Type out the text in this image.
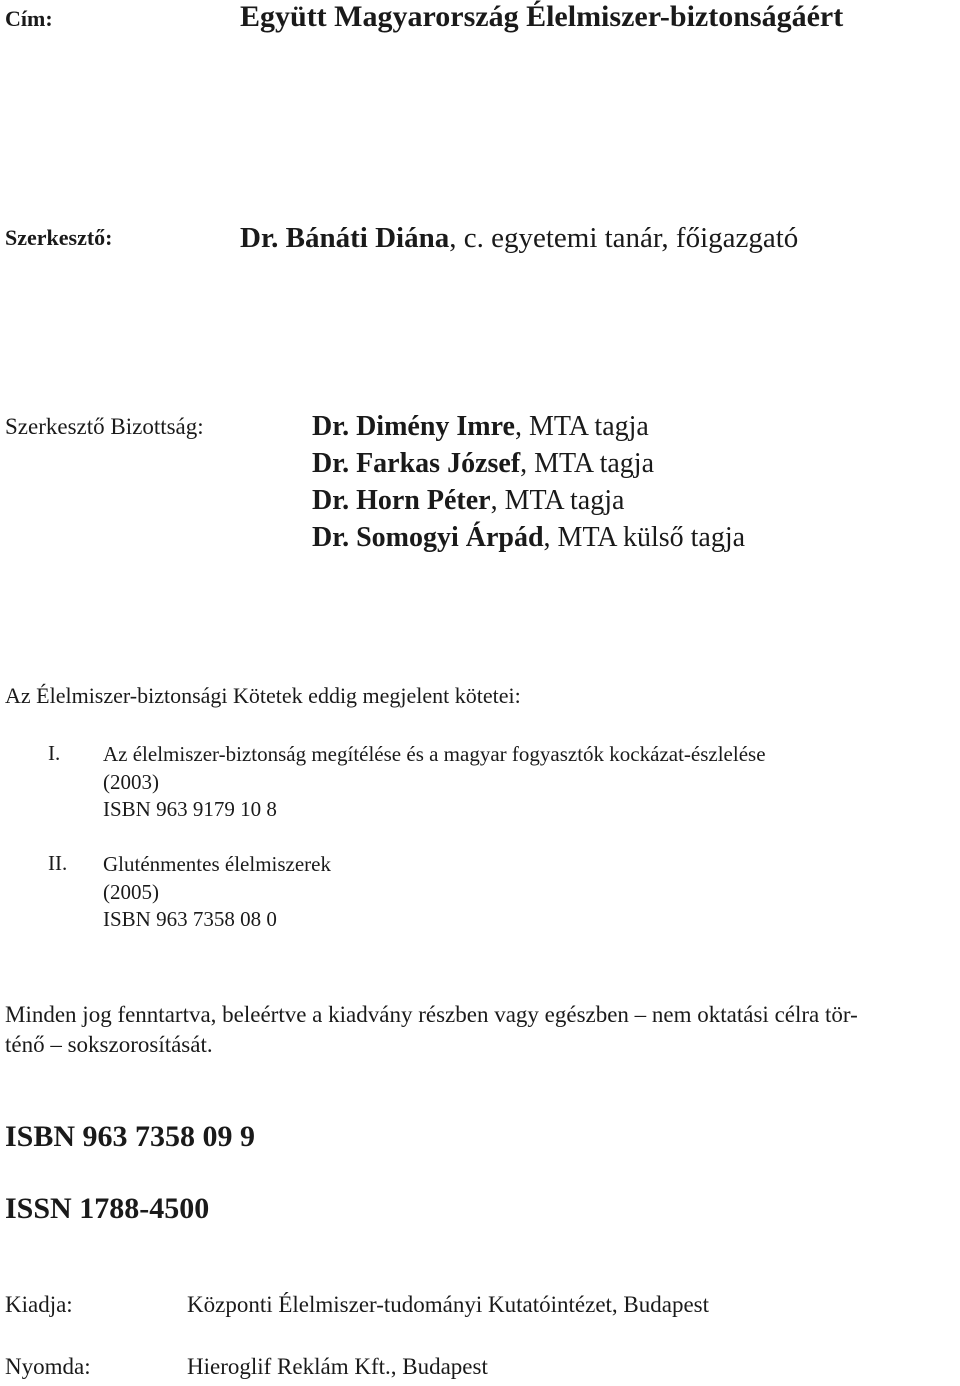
Cím:	Együtt Magyarország Élelmiszer-biztonságáért
Szerkesztő:	Dr. Bánáti Diána, c. egyetemi tanár, főigazgató
Szerkesztő Bizottság:	Dr. Dimény Imre, MTA tagja
Dr. Farkas József, MTA tagja
Dr. Horn Péter, MTA tagja
Dr. Somogyi Árpád, MTA külső tagja
Az Élelmiszer-biztonsági Kötetek eddig megjelent kötetei:
I. Az élelmiszer-biztonság megítélése és a magyar fogyasztók kockázat-észlelése
(2003)
ISBN 963 9179 10 8
II. Gluténmentes élelmiszerek
(2005)
ISBN 963 7358 08 0
Minden jog fenntartva, beleértve a kiadvány részben vagy egészben – nem oktatási célra tör-
ténő – sokszorosítását.
ISBN 963 7358 09 9
ISSN 1788-4500
Kiadja:	Központi Élelmiszer-tudományi Kutatóintézet, Budapest
Nyomda:	Hieroglif Reklám Kft., Budapest
